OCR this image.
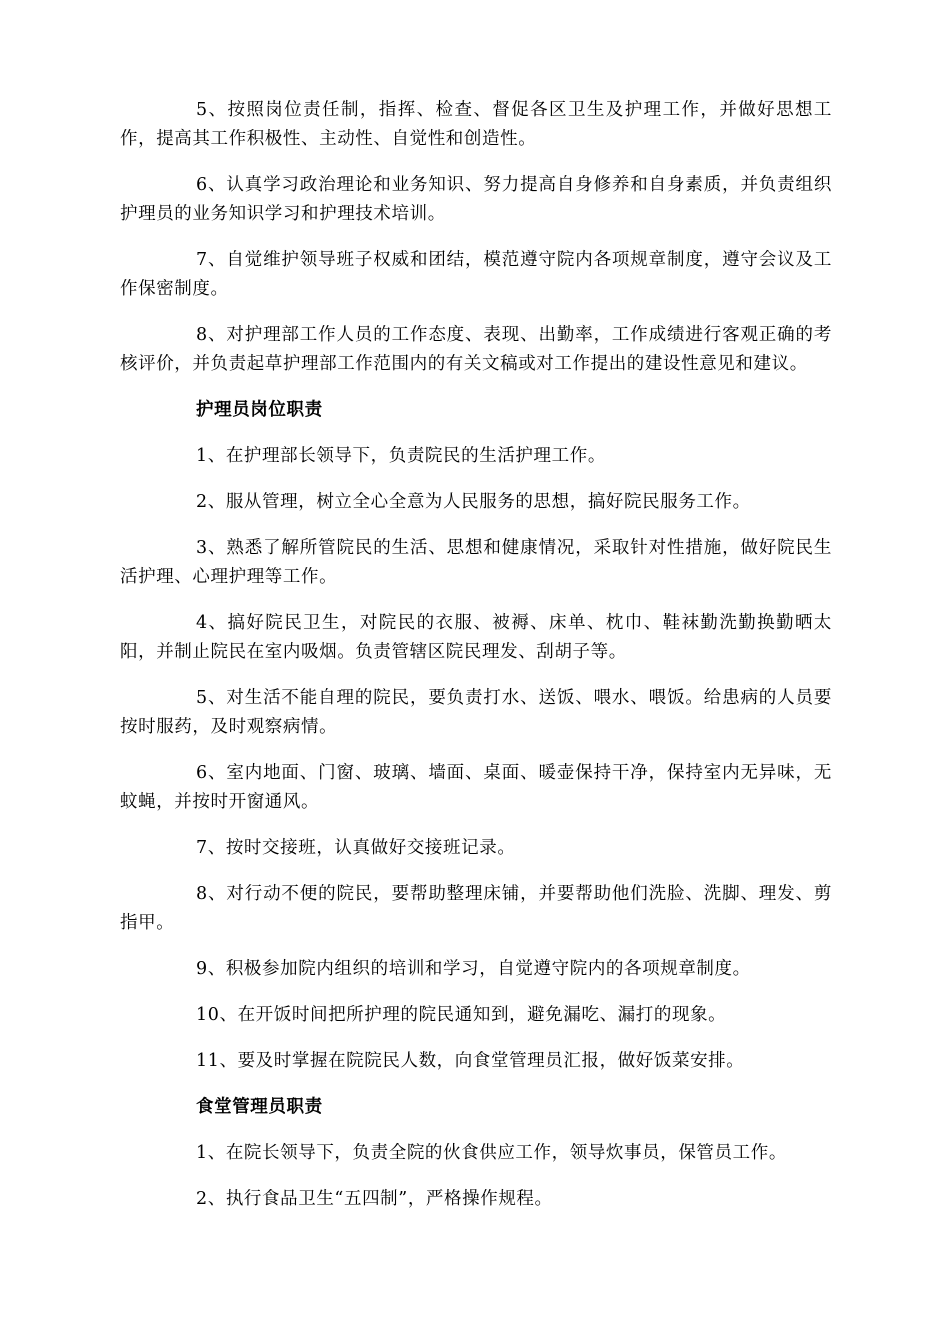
5、按照岗位责任制，指挥、检查、督促各区卫生及护理工作，并做好思想工作，提高其工作积极性、主动性、自觉性和创造性。

6、认真学习政治理论和业务知识、努力提高自身修养和自身素质，并负责组织护理员的业务知识学习和护理技术培训。

7、自觉维护领导班子权威和团结，模范遵守院内各项规章制度，遵守会议及工作保密制度。

8、对护理部工作人员的工作态度、表现、出勤率，工作成绩进行客观正确的考核评价，并负责起草护理部工作范围内的有关文稿或对工作提出的建设性意见和建议。

护理员岗位职责

1、在护理部长领导下，负责院民的生活护理工作。

2、服从管理，树立全心全意为人民服务的思想，搞好院民服务工作。

3、熟悉了解所管院民的生活、思想和健康情况，采取针对性措施，做好院民生活护理、心理护理等工作。

4、搞好院民卫生，对院民的衣服、被褥、床单、枕巾、鞋袜勤洗勤换勤晒太阳，并制止院民在室内吸烟。负责管辖区院民理发、刮胡子等。

5、对生活不能自理的院民，要负责打水、送饭、喂水、喂饭。给患病的人员要按时服药，及时观察病情。

6、室内地面、门窗、玻璃、墙面、桌面、暖壶保持干净，保持室内无异味，无蚊蝇，并按时开窗通风。

7、按时交接班，认真做好交接班记录。

8、对行动不便的院民，要帮助整理床铺，并要帮助他们洗脸、洗脚、理发、剪指甲。

9、积极参加院内组织的培训和学习，自觉遵守院内的各项规章制度。

10、在开饭时间把所护理的院民通知到，避免漏吃、漏打的现象。

11、要及时掌握在院院民人数，向食堂管理员汇报，做好饭菜安排。

食堂管理员职责

1、在院长领导下，负责全院的伙食供应工作，领导炊事员，保管员工作。

2、执行食品卫生“五四制”，严格操作规程。
